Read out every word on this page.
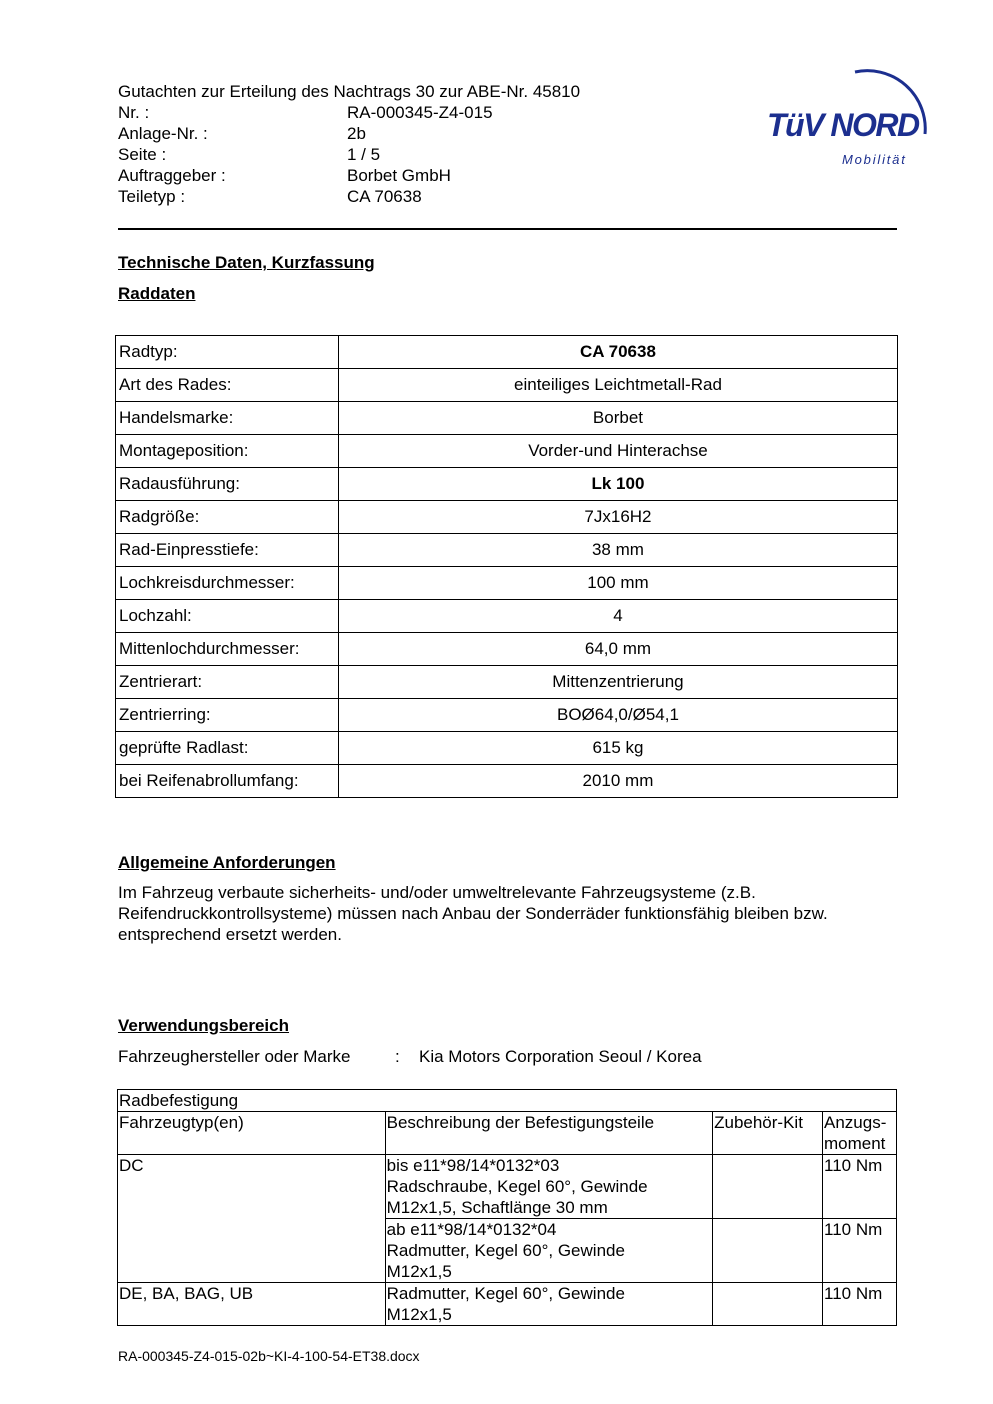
Gutachten zur Erteilung des Nachtrags 30 zur ABE-Nr. 45810
Nr. :	RA-000345-Z4-015
Anlage-Nr. :	2b
Seite :	1 / 5
Auftraggeber :	Borbet GmbH
Teiletyp :	CA 70638
TüV NORD
Mobilität
Technische Daten, Kurzfassung
Raddaten
Radtyp:	CA 70638
Art des Rades:	einteiliges Leichtmetall-Rad
Handelsmarke:	Borbet
Montageposition:	Vorder-und Hinterachse
Radausführung:	Lk 100
Radgröße:	7Jx16H2
Rad-Einpresstiefe:	38 mm
Lochkreisdurchmesser:	100 mm
Lochzahl:	4
Mittenlochdurchmesser:	64,0 mm
Zentrierart:	Mittenzentrierung
Zentrierring:	BOØ64,0/Ø54,1
geprüfte Radlast:	615 kg
bei Reifenabrollumfang:	2010 mm
Allgemeine Anforderungen
Im Fahrzeug verbaute sicherheits- und/oder umweltrelevante Fahrzeugsysteme (z.B.
Reifendruckkontrollsysteme) müssen nach Anbau der Sonderräder funktionsfähig bleiben bzw.
entsprechend ersetzt werden.
Verwendungsbereich
Fahrzeughersteller oder Marke	:	Kia Motors Corporation Seoul / Korea
Radbefestigung			
Fahrzeugtyp(en)	Beschreibung der Befestigungsteile	Zubehör-Kit	Anzugs-
moment

DC	bis e11*98/14*0132*03
Radschraube, Kegel 60°, Gewinde
M12x1,5, Schaftlänge 30 mm		110 Nm

	ab e11*98/14*0132*04
Radmutter, Kegel 60°, Gewinde
M12x1,5		110 Nm
DE, BA, BAG, UB	Radmutter, Kegel 60°, Gewinde
M12x1,5		110 Nm
RA-000345-Z4-015-02b~KI-4-100-54-ET38.docx
